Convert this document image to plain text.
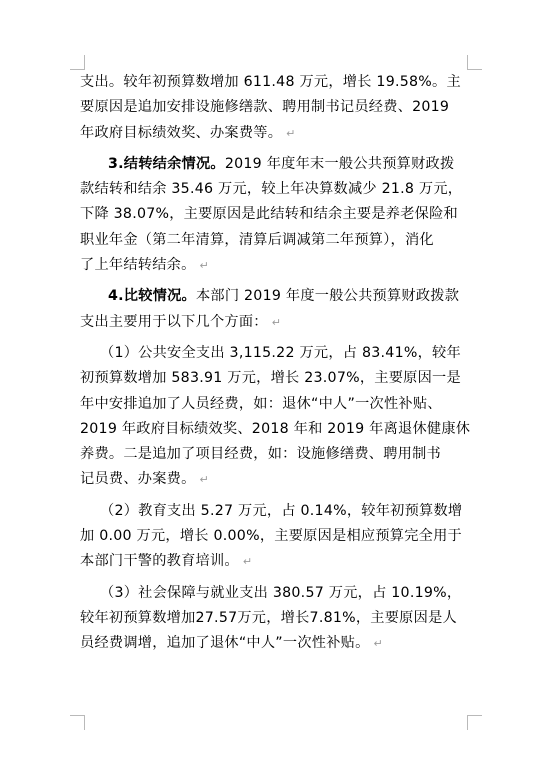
支出。较年初预算数增加 611.48 万元，增长 19.58%。主
要原因是追加安排设施修缮款、聘用制书记员经费、2019
年政府目标绩效奖、办案费等。 ↵
3.结转结余情况。2019 年度年末一般公共预算财政拨
款结转和结余 35.46 万元，较上年决算数减少 21.8 万元，
下降 38.07%，主要原因是此结转和结余主要是养老保险和
职业年金（第二年清算，清算后调减第二年预算），消化
了上年结转结余。 ↵
4.比较情况。本部门 2019 年度一般公共预算财政拨款
支出主要用于以下几个方面： ↵
（1）公共安全支出 3,115.22 万元，占 83.41%，较年
初预算数增加 583.91 万元，增长 23.07%，主要原因一是
年中安排追加了人员经费，如：退休“中人”一次性补贴、
2019 年政府目标绩效奖、2018 年和 2019 年离退休健康休
养费。二是追加了项目经费，如：设施修缮费、聘用制书
记员费、办案费。 ↵
（2）教育支出 5.27 万元，占 0.14%，较年初预算数增
加 0.00 万元，增长 0.00%，主要原因是相应预算完全用于
本部门干警的教育培训。 ↵
（3）社会保障与就业支出 380.57 万元，占 10.19%，
较年初预算数增加27.57万元，增长7.81%，主要原因是人
员经费调增，追加了退休“中人”一次性补贴。 ↵
